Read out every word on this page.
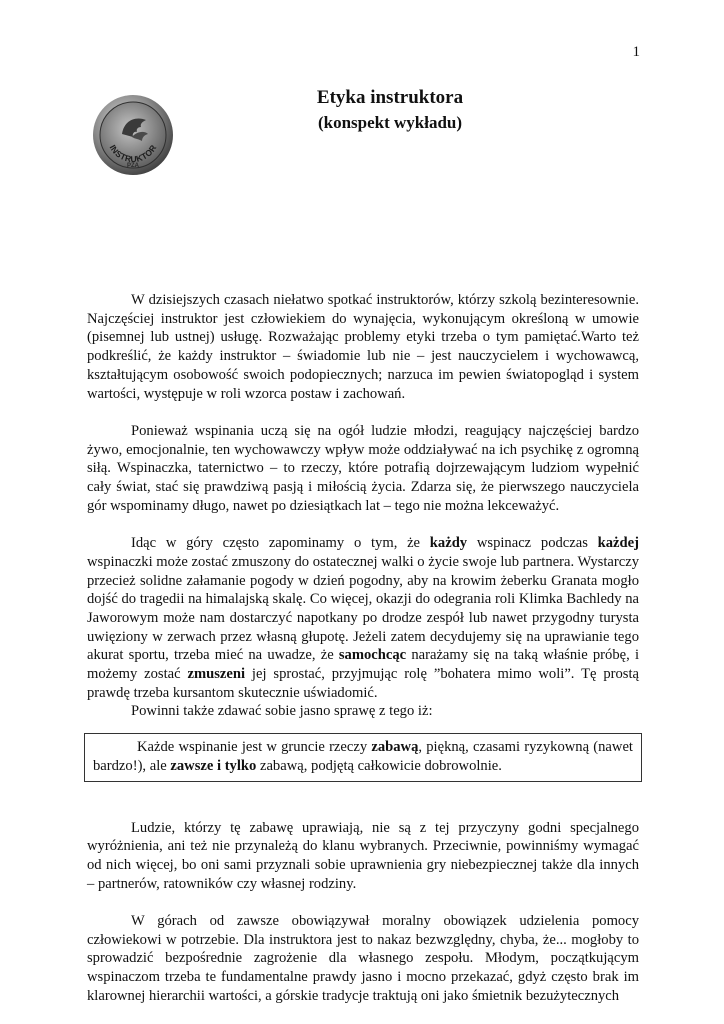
1
INSTRUKTOR
PZA
Etyka instruktora
(konspekt wykładu)

W dzisiejszych czasach niełatwo spotkać instruktorów, którzy szkolą bezinteresownie. Najczęściej instruktor jest człowiekiem do wynajęcia, wykonującym określoną w umowie (pisemnej lub ustnej) usługę. Rozważając problemy etyki trzeba o tym pamiętać.Warto też podkreślić, że każdy instruktor – świadomie lub nie – jest nauczycielem i wychowawcą, kształtującym osobowość swoich podopiecznych; narzuca im pewien światopogląd i system wartości, występuje w roli wzorca postaw i zachowań.

Ponieważ wspinania uczą się na ogół ludzie młodzi, reagujący najczęściej bardzo żywo, emocjonalnie, ten wychowawczy wpływ może oddziaływać na ich psychikę z ogromną siłą. Wspinaczka, taternictwo – to rzeczy, które potrafią dojrzewającym ludziom wypełnić cały świat, stać się prawdziwą pasją i miłością życia. Zdarza się, że pierwszego nauczyciela gór wspominamy długo, nawet po dziesiątkach lat – tego nie można lekceważyć.

Idąc w góry często zapominamy o tym, że każdy wspinacz podczas każdej wspinaczki może zostać zmuszony do ostatecznej walki o życie swoje lub partnera. Wystarczy przecież solidne załamanie pogody w dzień pogodny, aby na krowim żeberku Granata mogło dojść do tragedii na himalajską skalę. Co więcej, okazji do odegrania roli Klimka Bachledy na Jaworowym może nam dostarczyć napotkany po drodze zespół lub nawet przygodny turysta uwięziony w zerwach przez własną głupotę. Jeżeli zatem decydujemy się na uprawianie tego akurat sportu, trzeba mieć na uwadze, że samochcąc narażamy się na taką właśnie próbę, i możemy zostać zmuszeni jej sprostać, przyjmując rolę ”bohatera mimo woli”. Tę prostą prawdę trzeba kursantom skutecznie uświadomić.

Powinni także zdawać sobie jasno sprawę z tego iż:

Każde wspinanie jest w gruncie rzeczy zabawą, piękną, czasami ryzykowną (nawet bardzo!), ale zawsze i tylko zabawą, podjętą całkowicie dobrowolnie.

Ludzie, którzy tę zabawę uprawiają, nie są z tej przyczyny godni specjalnego wyróżnienia, ani też nie przynależą do klanu wybranych. Przeciwnie, powinniśmy wymagać od nich więcej, bo oni sami przyznali sobie uprawnienia gry niebezpiecznej także dla innych – partnerów, ratowników czy własnej rodziny.

W górach od zawsze obowiązywał moralny obowiązek udzielenia pomocy człowiekowi w potrzebie. Dla instruktora jest to nakaz bezwzględny, chyba, że... mogłoby to sprowadzić bezpośrednie zagrożenie dla własnego zespołu. Młodym, początkującym wspinaczom trzeba te fundamentalne prawdy jasno i mocno przekazać, gdyż często brak im klarownej hierarchii wartości, a górskie tradycje traktują oni jako śmietnik bezużytecznych
